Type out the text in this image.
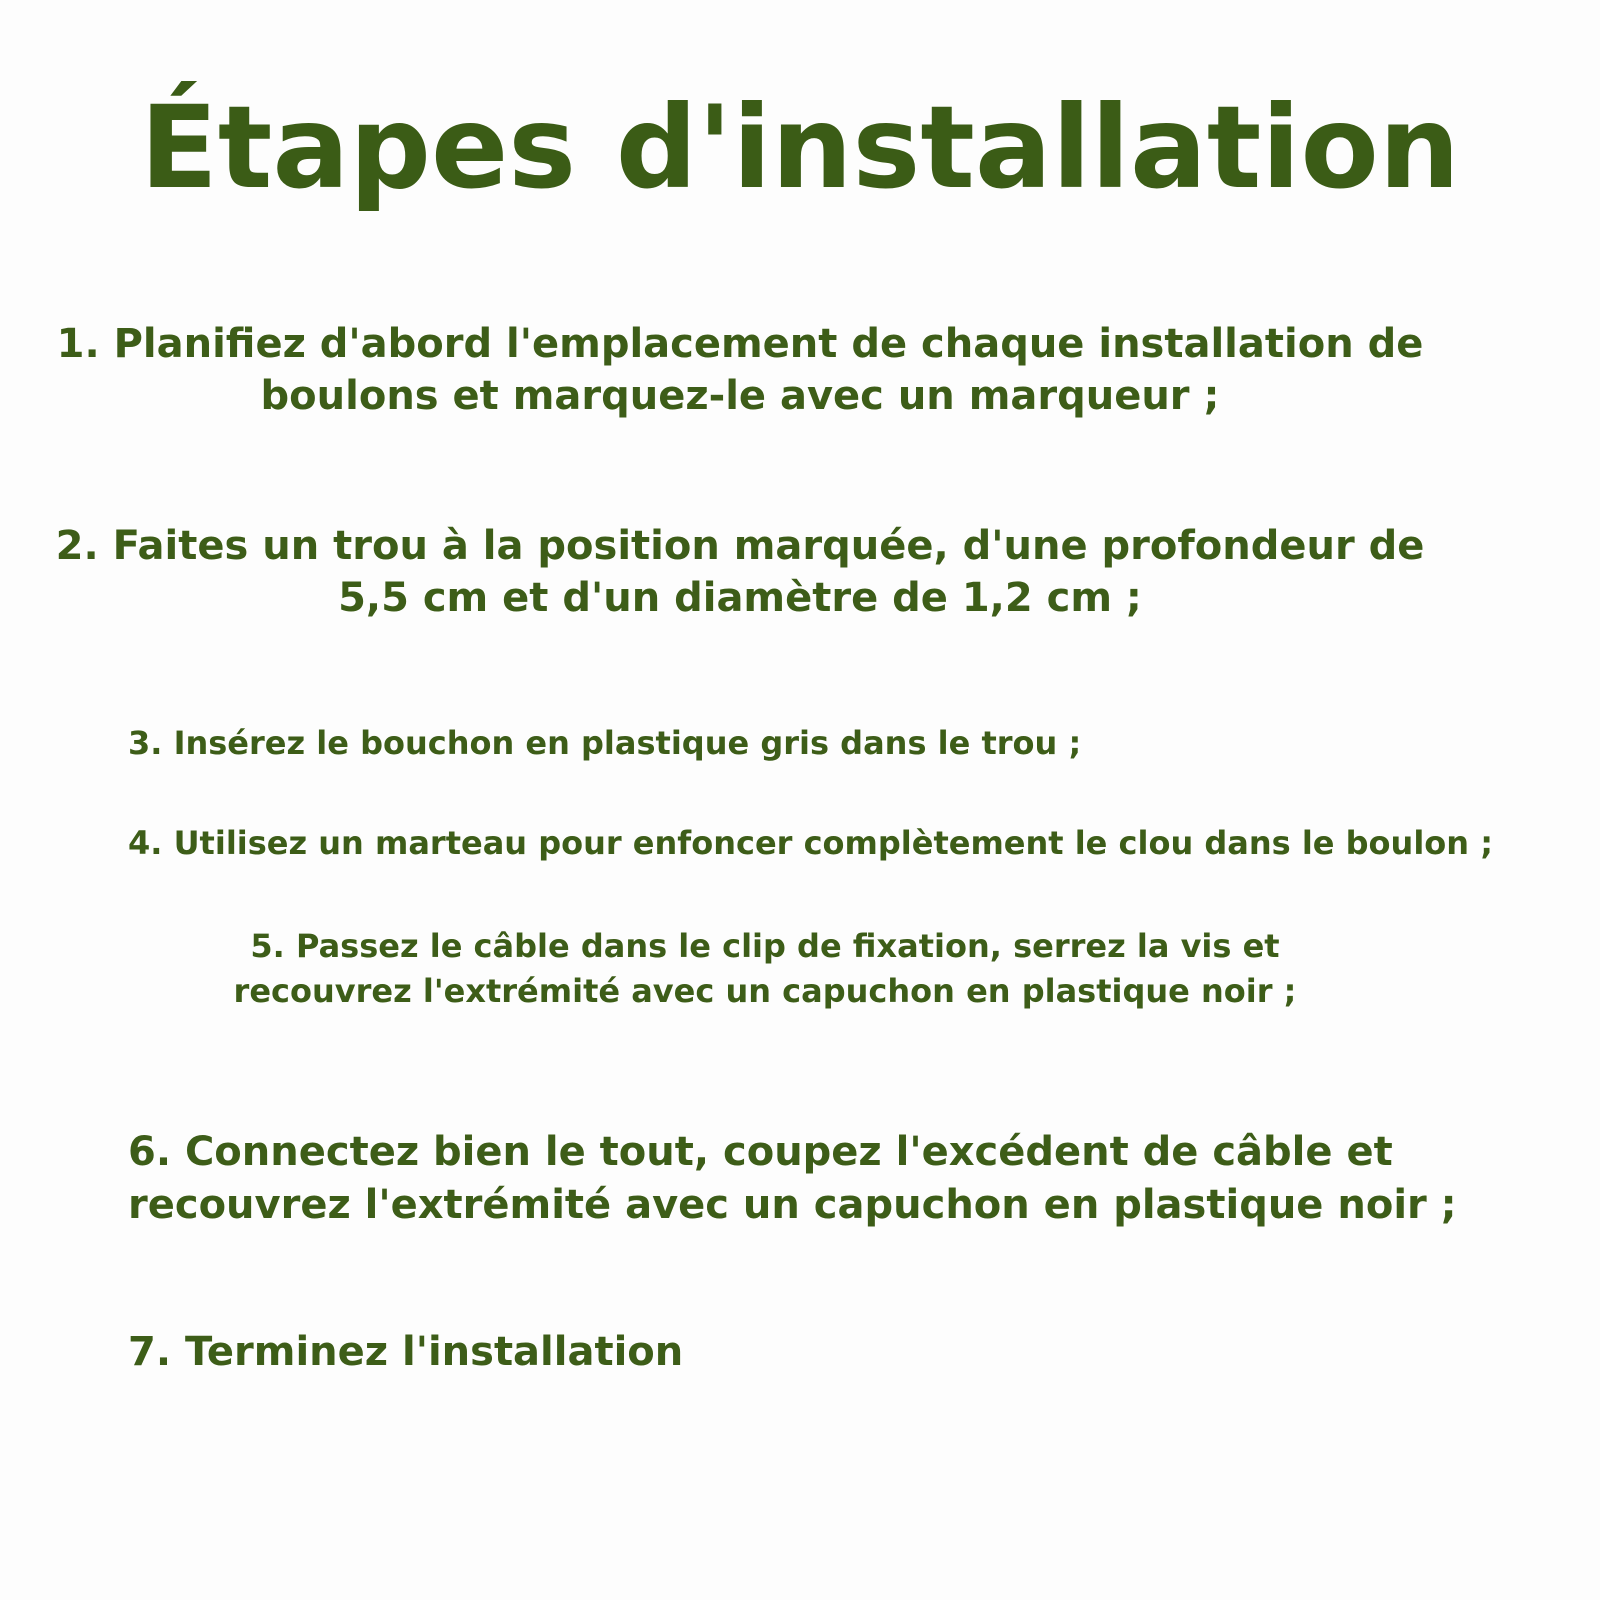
Étapes d'installation
1. Planifiez d'abord l'emplacement de chaque installation de
boulons et marquez-le avec un marqueur ;
2. Faites un trou à la position marquée, d'une profondeur de
5,5 cm et d'un diamètre de 1,2 cm ;
3. Insérez le bouchon en plastique gris dans le trou ;
4. Utilisez un marteau pour enfoncer complètement le clou dans le boulon ;
5. Passez le câble dans le clip de fixation, serrez la vis et
recouvrez l'extrémité avec un capuchon en plastique noir ;
6. Connectez bien le tout, coupez l'excédent de câble et
recouvrez l'extrémité avec un capuchon en plastique noir ;
7. Terminez l'installation
